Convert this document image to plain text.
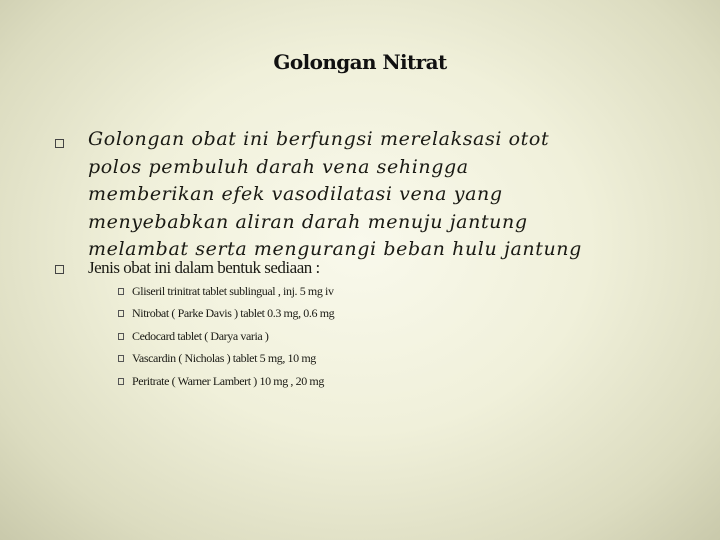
Golongan Nitrat
Golongan obat ini berfungsi merelaksasi otot
polos pembuluh darah vena sehingga
memberikan efek vasodilatasi vena yang
menyebabkan aliran darah menuju jantung
melambat serta mengurangi beban hulu jantung
Jenis obat ini dalam bentuk sediaan :
Gliseril trinitrat tablet sublingual , inj. 5 mg iv
Nitrobat ( Parke Davis ) tablet 0.3 mg, 0.6 mg
Cedocard tablet ( Darya varia )
Vascardin ( Nicholas ) tablet 5 mg, 10 mg
Peritrate ( Warner Lambert ) 10 mg , 20 mg
